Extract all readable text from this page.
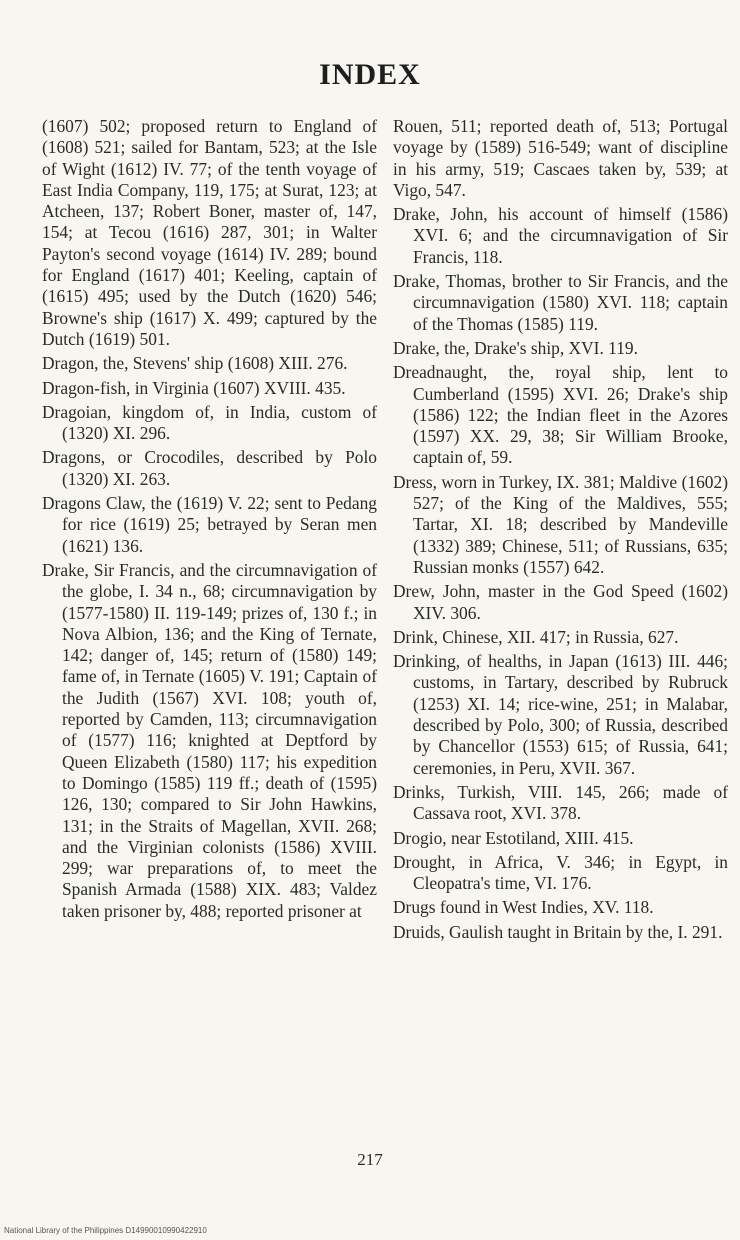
INDEX

(1607) 502; proposed return to England of (1608) 521; sailed for Bantam, 523; at the Isle of Wight (1612) IV. 77; of the tenth voyage of East India Company, 119, 175; at Surat, 123; at Atcheen, 137; Robert Boner, master of, 147, 154; at Tecou (1616) 287, 301; in Walter Payton's second voyage (1614) IV. 289; bound for England (1617) 401; Keeling, captain of (1615) 495; used by the Dutch (1620) 546; Browne's ship (1617) X. 499; captured by the Dutch (1619) 501.

Dragon, the, Stevens' ship (1608) XIII. 276.

Dragon-fish, in Virginia (1607) XVIII. 435.

Dragoian, kingdom of, in India, custom of (1320) XI. 296.

Dragons, or Crocodiles, described by Polo (1320) XI. 263.

Dragons Claw, the (1619) V. 22; sent to Pedang for rice (1619) 25; betrayed by Seran men (1621) 136.

Drake, Sir Francis, and the circumnavigation of the globe, I. 34 n., 68; circumnavigation by (1577-1580) II. 119-149; prizes of, 130 f.; in Nova Albion, 136; and the King of Ternate, 142; danger of, 145; return of (1580) 149; fame of, in Ternate (1605) V. 191; Captain of the Judith (1567) XVI. 108; youth of, reported by Camden, 113; circumnavigation of (1577) 116; knighted at Deptford by Queen Elizabeth (1580) 117; his expedition to Domingo (1585) 119 ff.; death of (1595) 126, 130; compared to Sir John Hawkins, 131; in the Straits of Magellan, XVII. 268; and the Virginian colonists (1586) XVIII. 299; war preparations of, to meet the Spanish Armada (1588) XIX. 483; Valdez taken prisoner by, 488; reported prisoner at

Rouen, 511; reported death of, 513; Portugal voyage by (1589) 516-549; want of discipline in his army, 519; Cascaes taken by, 539; at Vigo, 547.

Drake, John, his account of himself (1586) XVI. 6; and the circumnavigation of Sir Francis, 118.

Drake, Thomas, brother to Sir Francis, and the circumnavigation (1580) XVI. 118; captain of the Thomas (1585) 119.

Drake, the, Drake's ship, XVI. 119.

Dreadnaught, the, royal ship, lent to Cumberland (1595) XVI. 26; Drake's ship (1586) 122; the Indian fleet in the Azores (1597) XX. 29, 38; Sir William Brooke, captain of, 59.

Dress, worn in Turkey, IX. 381; Maldive (1602) 527; of the King of the Maldives, 555; Tartar, XI. 18; described by Mandeville (1332) 389; Chinese, 511; of Russians, 635; Russian monks (1557) 642.

Drew, John, master in the God Speed (1602) XIV. 306.

Drink, Chinese, XII. 417; in Russia, 627.

Drinking, of healths, in Japan (1613) III. 446; customs, in Tartary, described by Rubruck (1253) XI. 14; rice-wine, 251; in Malabar, described by Polo, 300; of Russia, described by Chancellor (1553) 615; of Russia, 641; ceremonies, in Peru, XVII. 367.

Drinks, Turkish, VIII. 145, 266; made of Cassava root, XVI. 378.

Drogio, near Estotiland, XIII. 415.

Drought, in Africa, V. 346; in Egypt, in Cleopatra's time, VI. 176.

Drugs found in West Indies, XV. 118.

Druids, Gaulish taught in Britain by the, I. 291.

217
National Library of the Philippines D14990010990422910
